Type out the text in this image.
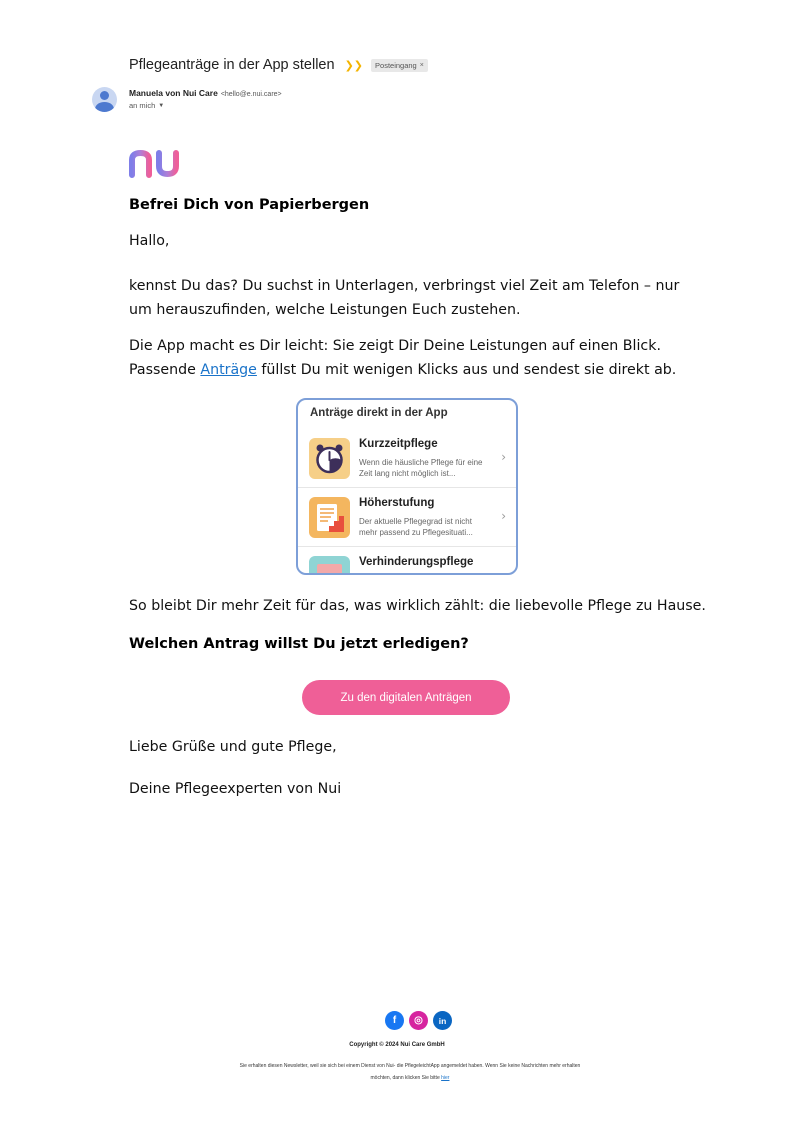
Pflegeanträge in der App stellen ❯❯ Posteingang ×
Manuela von Nui Care <hello@e.nui.care>
an mich ▼
Befrei Dich von Papierbergen
Hallo,
kennst Du das? Du suchst in Unterlagen, verbringst viel Zeit am Telefon – nur um herauszufinden, welche Leistungen Euch zustehen.
Die App macht es Dir leicht: Sie zeigt Dir Deine Leistungen auf einen Blick.
Passende Anträge füllst Du mit wenigen Klicks aus und sendest sie direkt ab.
Anträge direkt in der App
Kurzzeitpflege
Wenn die häusliche Pflege für eine Zeit lang nicht möglich ist...
›
Höherstufung
Der aktuelle Pflegegrad ist nicht mehr passend zu Pflegesituati...
›
Verhinderungspflege
So bleibt Dir mehr Zeit für das, was wirklich zählt: die liebevolle Pflege zu Hause.
Welchen Antrag willst Du jetzt erledigen?
Zu den digitalen Anträgen
Liebe Grüße und gute Pflege,
Deine Pflegeexperten von Nui
f	◎	in
Copyright © 2024 Nui Care GmbH
Sie erhalten diesen Newsletter, weil sie sich bei einem Dienst von Nui- die PflegeleichtApp angemeldet haben. Wenn Sie keine Nachrichten mehr erhalten
möchten, dann klicken Sie bitte hier
